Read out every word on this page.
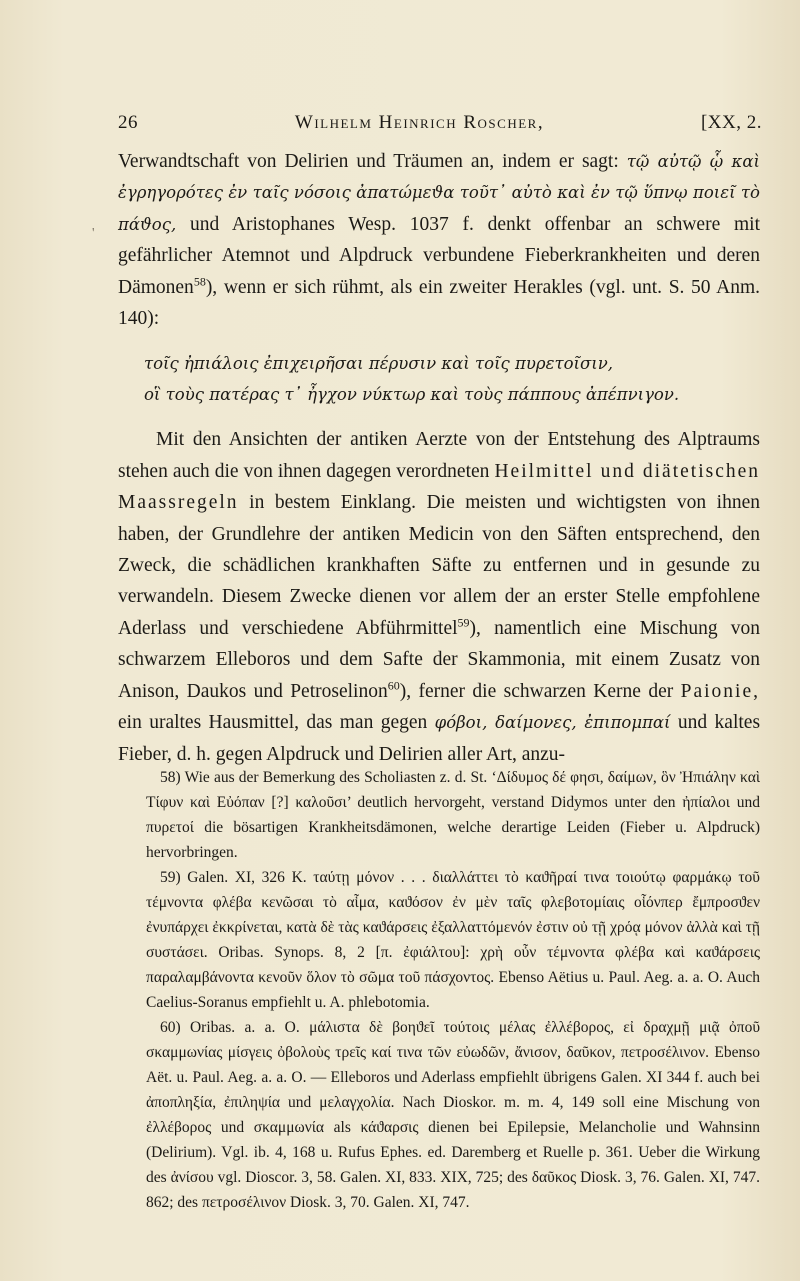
26	Wilhelm Heinrich Roscher,	[XX, 2.
'

Verwandtschaft von Delirien und Träumen an, indem er sagt: τῷ αὐτῷ ᾧ καὶ ἐγρηγορότες ἐν ταῖς νόσοις ἀπατώμεϑα τοῦτ᾽ αὐτὸ καὶ ἐν τῷ ὕπνῳ ποιεῖ τὸ πάϑος, und Aristophanes Wesp. 1037 f. denkt offenbar an schwere mit gefährlicher Atemnot und Alpdruck verbundene Fieberkrankheiten und deren Dämonen$^{58}$), wenn er sich rühmt, als ein zweiter Herakles (vgl. unt. S. 50 Anm. 140):

τοῖς ἠπιάλοις ἐπιχειρῆσαι πέρυσιν καὶ τοῖς πυρετοῖσιν,
οἳ τοὺς πατέρας τ᾽ ἦγχον νύκτωρ καὶ τοὺς πάππους ἀπέπνιγον.

Mit den Ansichten der antiken Aerzte von der Entstehung des Alptraums stehen auch die von ihnen dagegen verordneten Heilmittel und diätetischen Maassregeln in bestem Einklang. Die meisten und wichtigsten von ihnen haben, der Grundlehre der antiken Medicin von den Säften entsprechend, den Zweck, die schädlichen krankhaften Säfte zu entfernen und in gesunde zu verwandeln. Diesem Zwecke dienen vor allem der an erster Stelle empfohlene Aderlass und verschiedene Abführmittel$^{59}$), namentlich eine Mischung von schwarzem Elleboros und dem Safte der Skammonia, mit einem Zusatz von Anison, Daukos und Petroselinon$^{60}$), ferner die schwarzen Kerne der Paionie, ein uraltes Hausmittel, das man gegen φόβοι, δαίμονες, ἐπιπομπαί und kaltes Fieber, d. h. gegen Alpdruck und Delirien aller Art, anzu-

58) Wie aus der Bemerkung des Scholiasten z. d. St. ‘Δίδυμος δέ φησι, δαίμων, ὃν Ἠπιάλην καὶ Τίφυν καὶ Εὐόπαν [?] καλοῦσι’ deutlich hervorgeht, verstand Didymos unter den ἠπίαλοι und πυρετοί die bösartigen Krankheitsdämonen, welche derartige Leiden (Fieber u. Alpdruck) hervorbringen.

59) Galen. XI, 326 K. ταύτῃ μόνον . . . διαλλάττει τὸ καϑῆραί τινα τοιούτῳ φαρμάκῳ τοῦ τέμνοντα φλέβα κενῶσαι τὸ αἷμα, καϑόσον ἐν μὲν ταῖς φλεβοτομίαις οἷόνπερ ἔμπροσϑεν ἐνυπάρχει ἐκκρίνεται, κατὰ δὲ τὰς καϑάρσεις ἐξαλλαττόμενόν ἐστιν οὐ τῇ χρόᾳ μόνον ἀλλὰ καὶ τῇ συστάσει. Oribas. Synops. 8, 2 [π. ἐφιάλτου]: χρὴ οὖν τέμνοντα φλέβα καὶ καϑάρσεις παραλαμβάνοντα κενοῦν ὅλον τὸ σῶμα τοῦ πάσχοντος. Ebenso Aëtius u. Paul. Aeg. a. a. O. Auch Caelius-Soranus empfiehlt u. A. phlebotomia.

60) Oribas. a. a. O. μάλιστα δὲ βοηϑεῖ τούτοις μέλας ἐλλέβορος, εἰ δραχμῇ μιᾷ ὀποῦ σκαμμωνίας μίσγεις ὀβολοὺς τρεῖς καί τινα τῶν εὐωδῶν, ἄνισον, δαῦκον, πετροσέλινον. Ebenso Aët. u. Paul. Aeg. a. a. O. — Elleboros und Aderlass empfiehlt übrigens Galen. XI 344 f. auch bei ἀποπληξία, ἐπιληψία und μελαγχολία. Nach Dioskor. m. m. 4, 149 soll eine Mischung von ἐλλέβορος und σκαμμωνία als κάϑαρσις dienen bei Epilepsie, Melancholie und Wahnsinn (Delirium). Vgl. ib. 4, 168 u. Rufus Ephes. ed. Daremberg et Ruelle p. 361. Ueber die Wirkung des ἀνίσου vgl. Dioscor. 3, 58. Galen. XI, 833. XIX, 725; des δαῦκος Diosk. 3, 76. Galen. XI, 747. 862; des πετροσέλινον Diosk. 3, 70. Galen. XI, 747.
